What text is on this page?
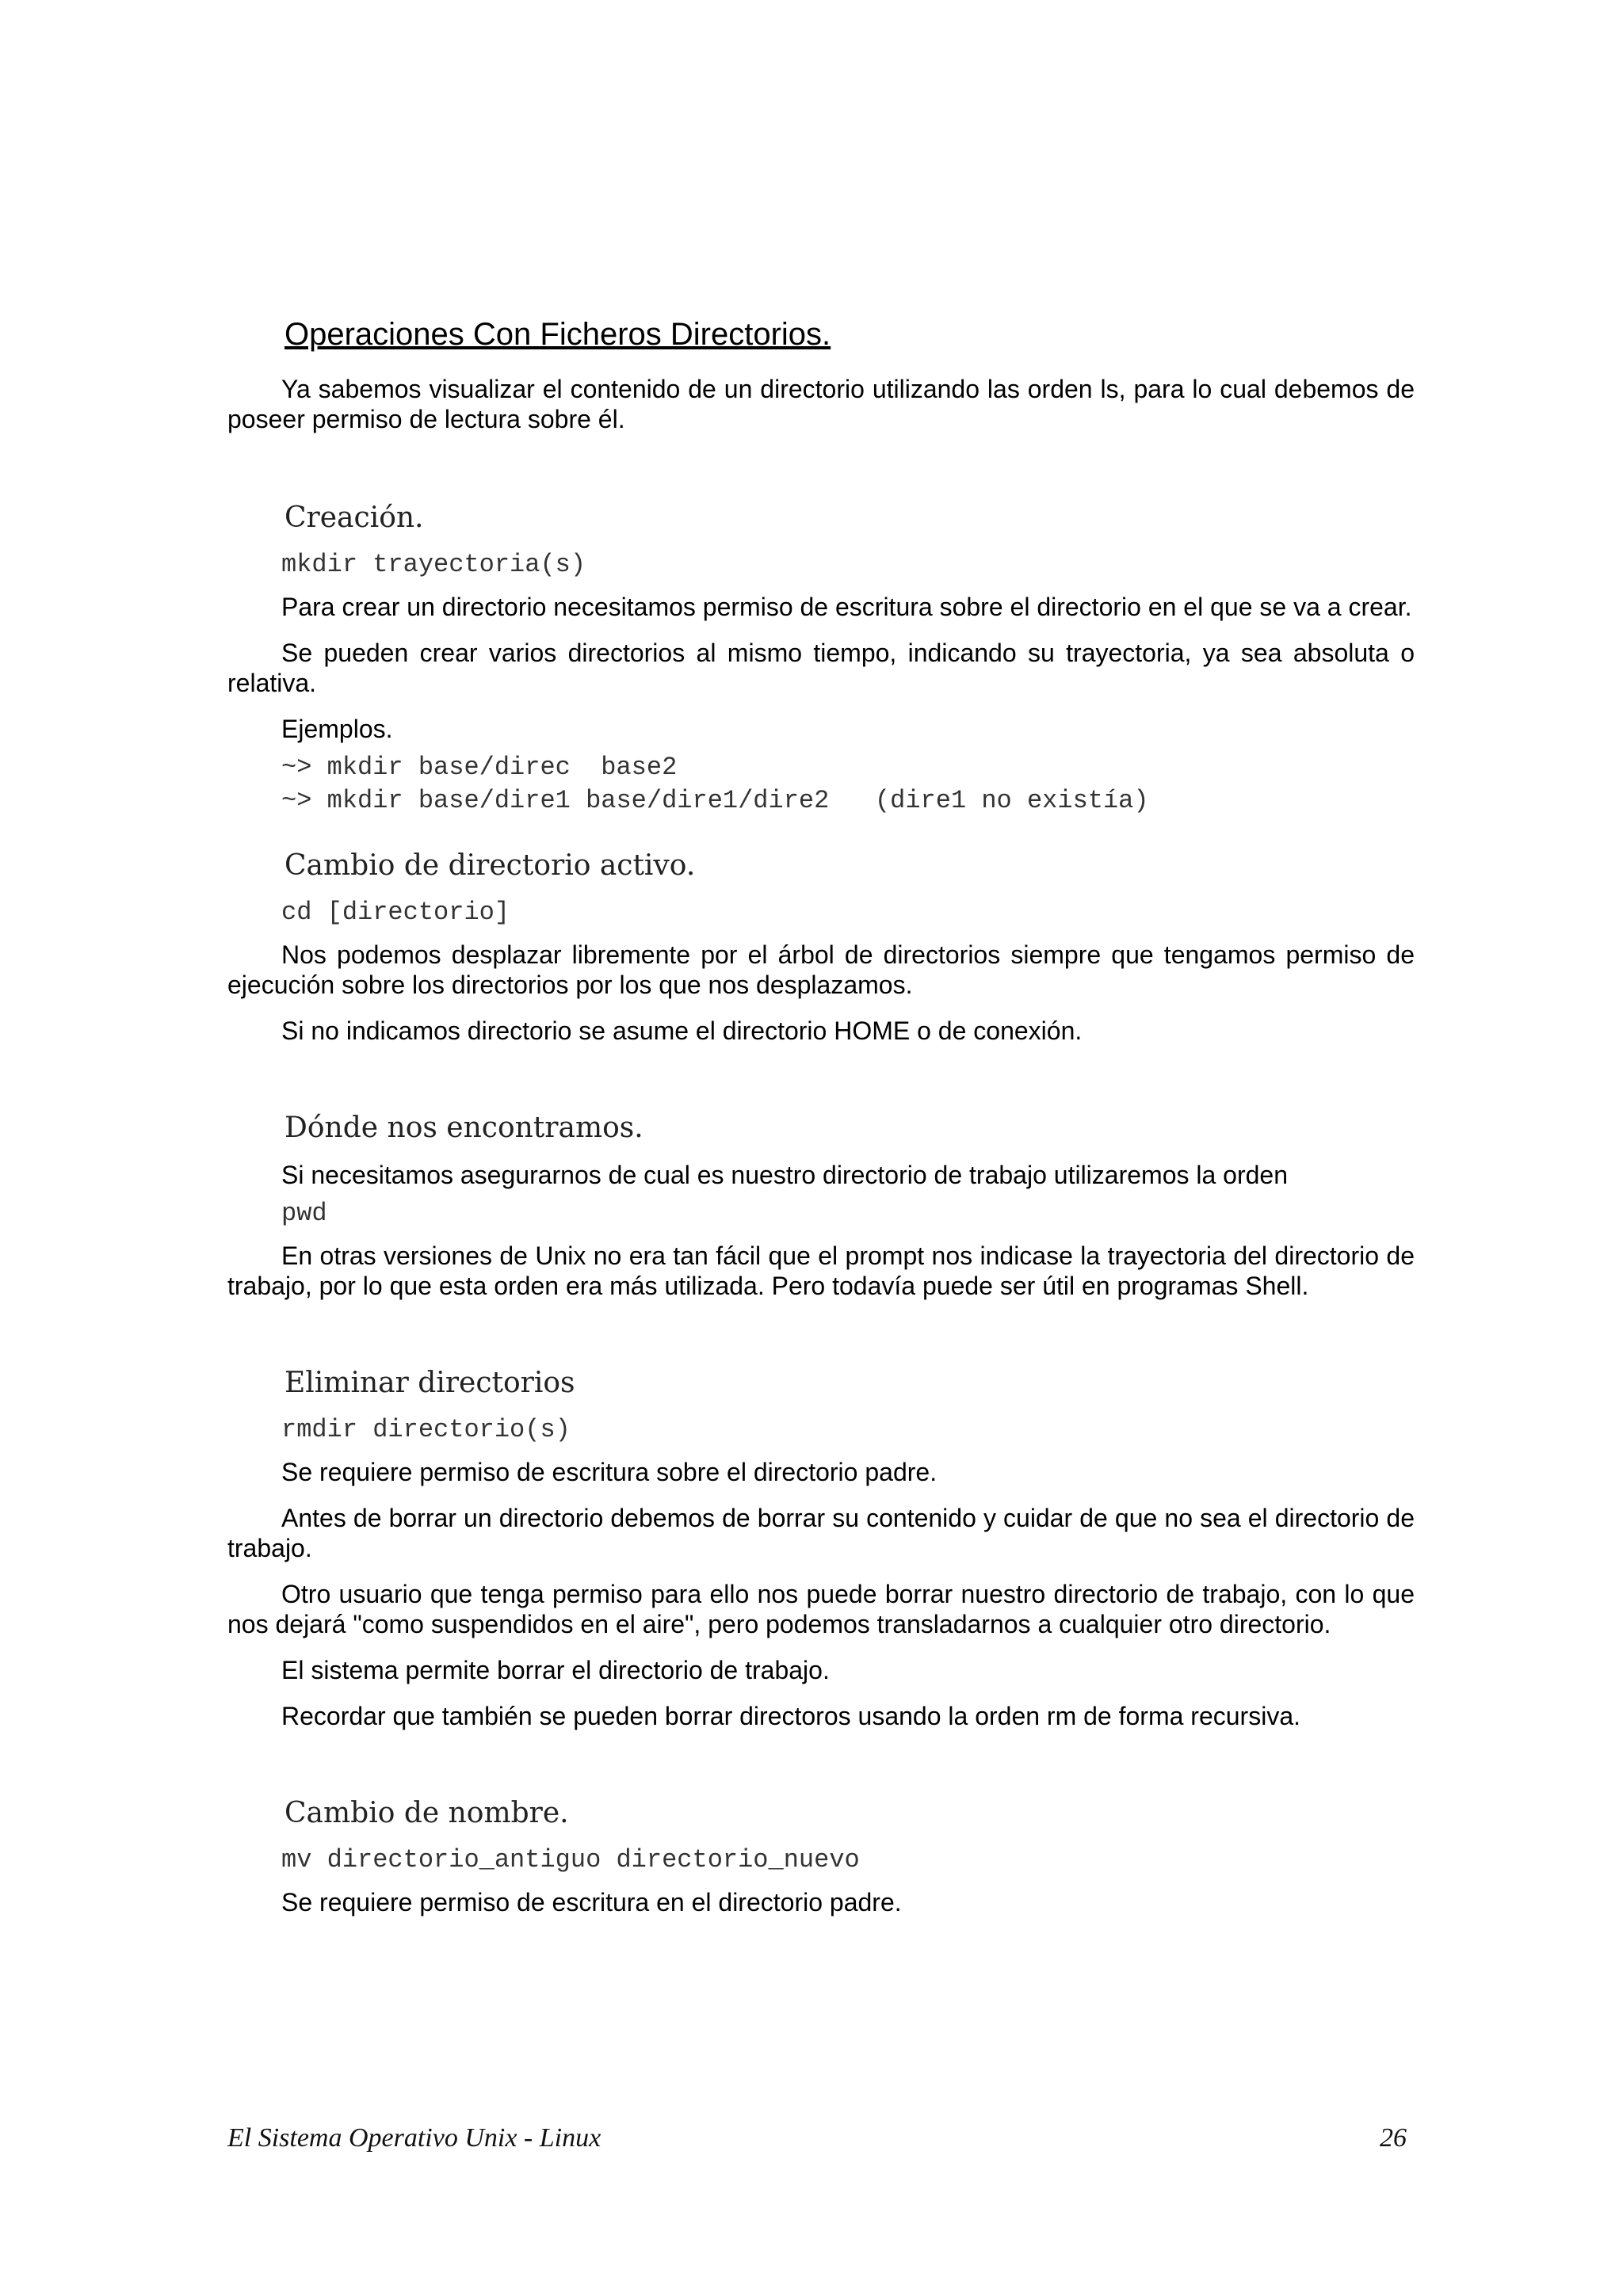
Operaciones Con Ficheros Directorios.

Ya sabemos visualizar el contenido de un directorio utilizando las orden ls, para lo cual debemos de poseer permiso de lectura sobre él.

Creación.
mkdir trayectoria(s)

Para crear un directorio necesitamos permiso de escritura sobre el directorio en el que se va a crear.

Se pueden crear varios directorios al mismo tiempo, indicando su trayectoria, ya sea absoluta o relativa.

Ejemplos.

~> mkdir base/direc  base2
~> mkdir base/dire1 base/dire1/dire2   (dire1 no existía)
Cambio de directorio activo.
cd [directorio]

Nos podemos desplazar libremente por el árbol de directorios siempre que tengamos permiso de ejecución sobre los directorios por los que nos desplazamos.

Si no indicamos directorio se asume el directorio HOME o de conexión.

Dónde nos encontramos.

Si necesitamos asegurarnos de cual es nuestro directorio de trabajo utilizaremos la orden

pwd

En otras versiones de Unix no era tan fácil que el prompt nos indicase la trayectoria del directorio de trabajo, por lo que esta orden era más utilizada. Pero todavía puede ser útil en programas Shell.

Eliminar directorios
rmdir directorio(s)

Se requiere permiso de escritura sobre el directorio padre.

Antes de borrar un directorio debemos de borrar su contenido y cuidar de que no sea el directorio de trabajo.

Otro usuario que tenga permiso para ello nos puede borrar nuestro directorio de trabajo, con lo que nos dejará "como suspendidos en el aire", pero podemos transladarnos a cualquier otro directorio.

El sistema permite borrar el directorio de trabajo.

Recordar que también se pueden borrar directoros usando la orden rm de forma recursiva.

Cambio de nombre.
mv directorio_antiguo directorio_nuevo

Se requiere permiso de escritura en el directorio padre.

El Sistema Operativo Unix - Linux	26
